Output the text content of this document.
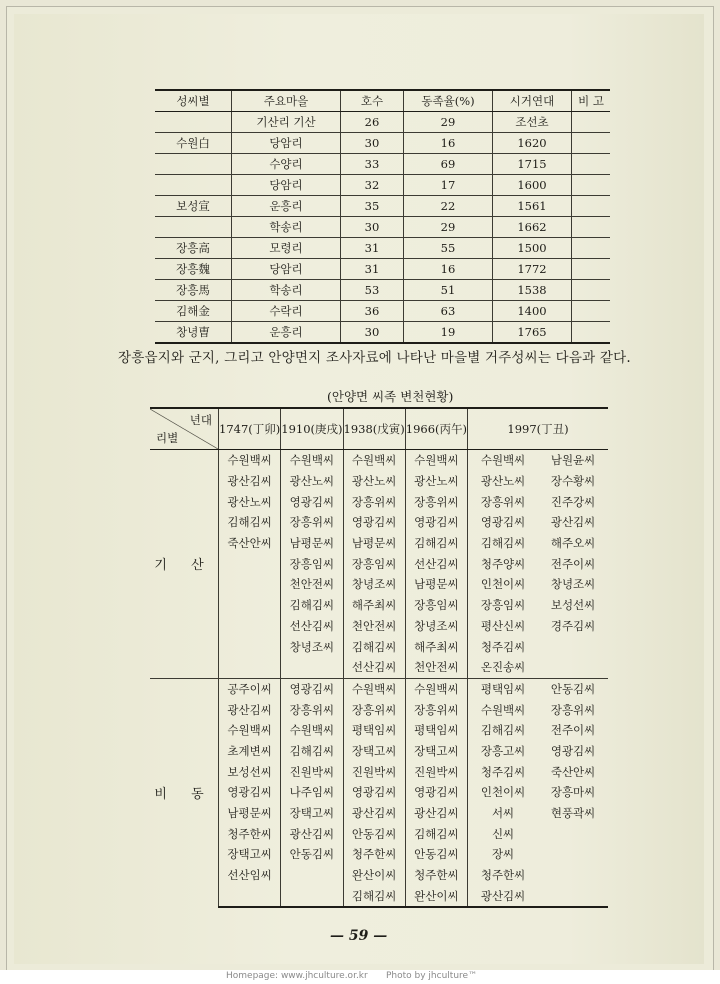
성씨별	주요마을	호수	동족율(%)	시거연대	비 고
	기산리 기산	26	29	조선초	
수원白	당암리	30	16	1620	
	수양리	33	69	1715	
	당암리	32	17	1600	
보성宣	운흥리	35	22	1561	
	학송리	30	29	1662	
장흥高	모령리	31	55	1500	
장흥魏	당암리	31	16	1772	
장흥馬	학송리	53	51	1538	
김해金	수락리	36	63	1400	
창녕曺	운흥리	30	19	1765	
장흥읍지와 군지, 그리고 안양면지 조사자료에 나타난 마을별 거주성씨는 다음과 같다.
(안양면 씨족 변천현황)
년대
리별	1747(丁卯)	1910(庚戌)	1938(戊寅)	1966(丙午)	1997(丁丑)	
기 산	수원백씨	수원백씨	수원백씨	수원백씨	수원백씨	남원윤씨
	광산김씨	광산노씨	광산노씨	광산노씨	광산노씨	장수황씨
	광산노씨	영광김씨	장흥위씨	장흥위씨	장흥위씨	진주강씨
	김해김씨	장흥위씨	영광김씨	영광김씨	영광김씨	광산김씨
	죽산안씨	남평문씨	남평문씨	김해김씨	김해김씨	해주오씨
		장흥임씨	장흥임씨	선산김씨	청주양씨	전주이씨
		천안전씨	창녕조씨	남평문씨	인천이씨	창녕조씨
		김해김씨	해주최씨	장흥임씨	장흥임씨	보성선씨
		선산김씨	천안전씨	창녕조씨	평산신씨	경주김씨
		창녕조씨	김해김씨	해주최씨	청주김씨	
			선산김씨	천안전씨	온진송씨	
비 동	공주이씨	영광김씨	수원백씨	수원백씨	평택임씨	안동김씨
	광산김씨	장흥위씨	장흥위씨	장흥위씨	수원백씨	장흥위씨
	수원백씨	수원백씨	평택임씨	평택임씨	김해김씨	전주이씨
	초계변씨	김해김씨	장택고씨	장택고씨	장흥고씨	영광김씨
	보성선씨	진원박씨	진원박씨	진원박씨	청주김씨	죽산안씨
	영광김씨	나주임씨	영광김씨	영광김씨	인천이씨	장흥마씨
	남평문씨	장택고씨	광산김씨	광산김씨	서씨	현풍곽씨
	청주한씨	광산김씨	안동김씨	김해김씨	신씨	
	장택고씨	안동김씨	청주한씨	안동김씨	장씨	
	선산임씨		완산이씨	청주한씨	청주한씨	
			김해김씨	완산이씨	광산김씨	
— 59 —
Homepage: www.jhculture.or.kr Photo by jhculture™
